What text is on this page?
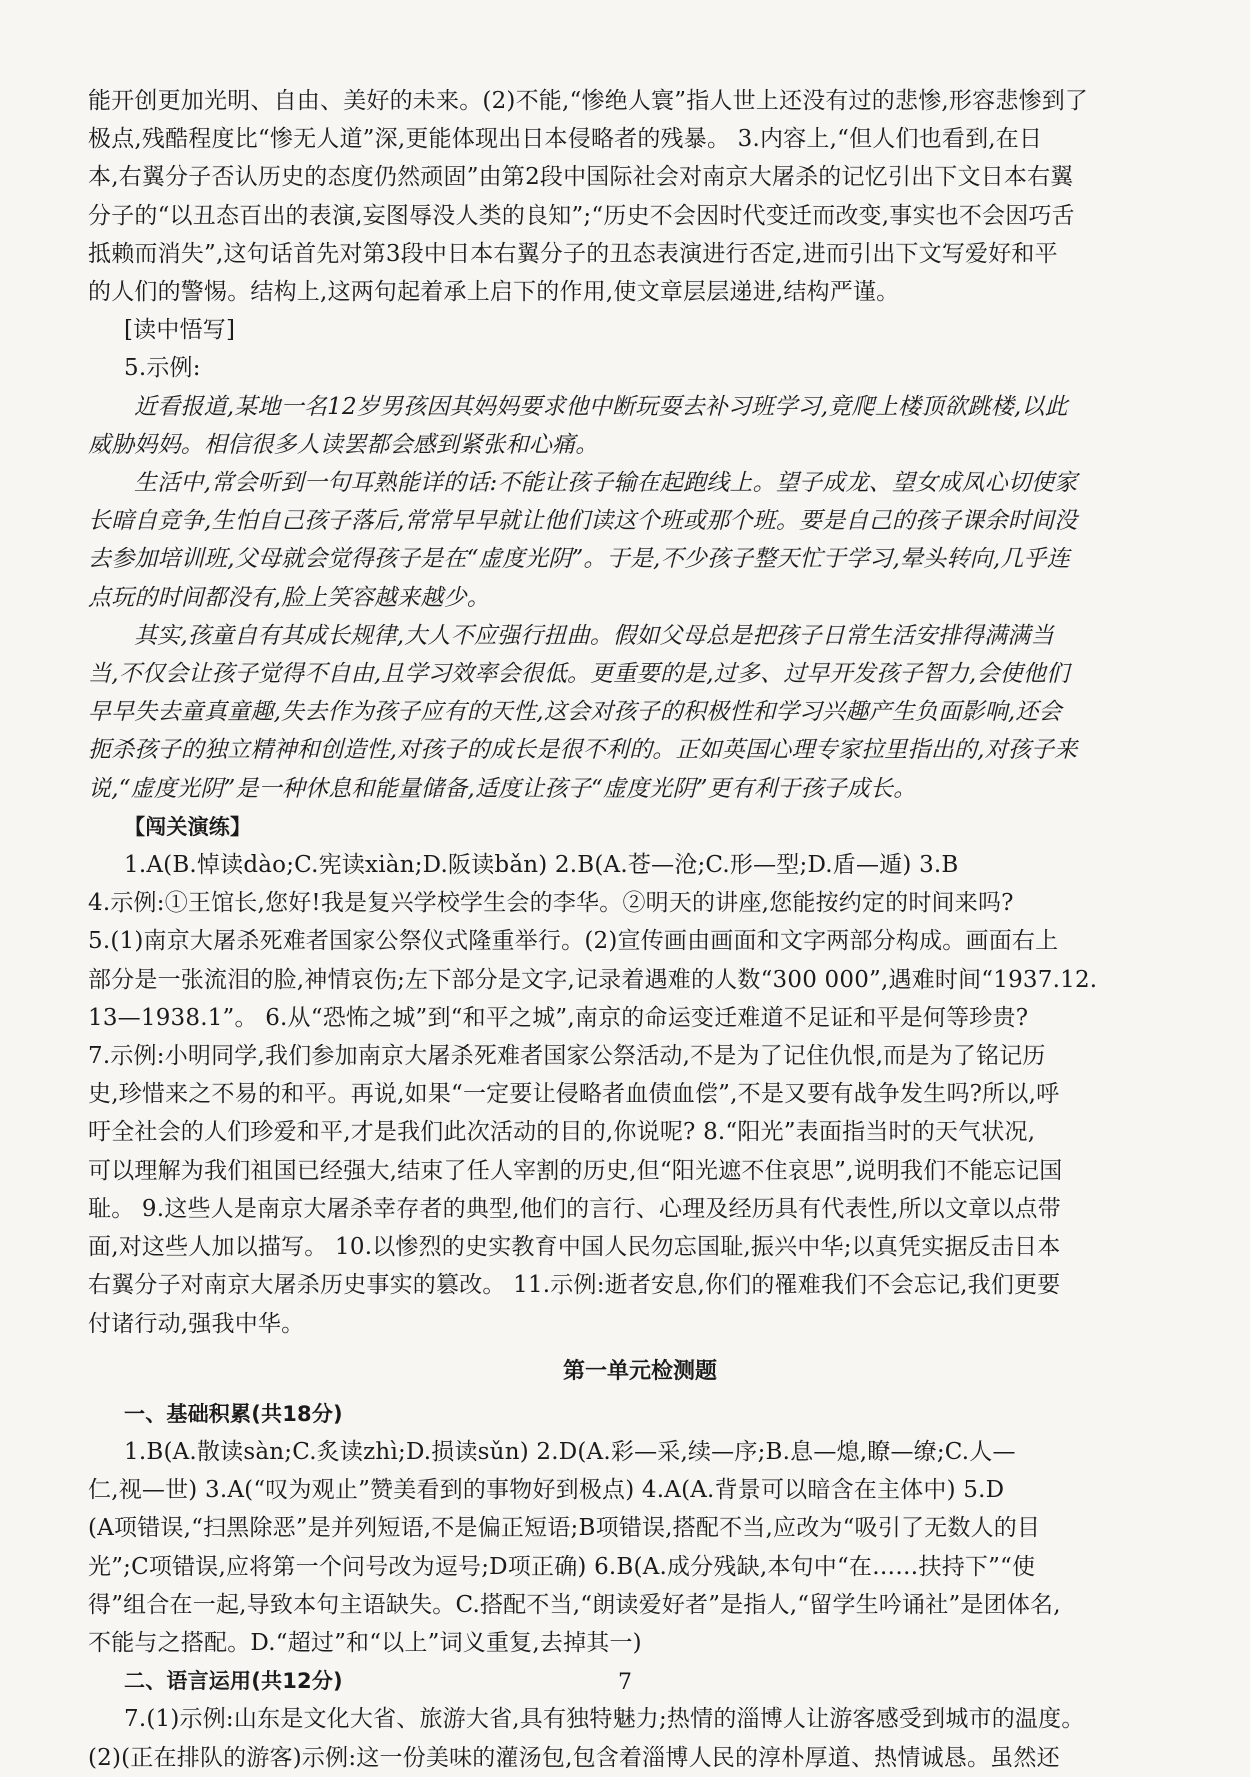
能开创更加光明、自由、美好的未来。(2)不能,“惨绝人寰”指人世上还没有过的悲惨,形容悲惨到了
极点,残酷程度比“惨无人道”深,更能体现出日本侵略者的残暴。 3.内容上,“但人们也看到,在日
本,右翼分子否认历史的态度仍然顽固”由第2段中国际社会对南京大屠杀的记忆引出下文日本右翼
分子的“以丑态百出的表演,妄图辱没人类的良知”;“历史不会因时代变迁而改变,事实也不会因巧舌
抵赖而消失”,这句话首先对第3段中日本右翼分子的丑态表演进行否定,进而引出下文写爱好和平
的人们的警惕。结构上,这两句起着承上启下的作用,使文章层层递进,结构严谨。
[读中悟写]
5.示例:
近看报道,某地一名12岁男孩因其妈妈要求他中断玩耍去补习班学习,竟爬上楼顶欲跳楼,以此
威胁妈妈。相信很多人读罢都会感到紧张和心痛。
生活中,常会听到一句耳熟能详的话:不能让孩子输在起跑线上。望子成龙、望女成凤心切使家
长暗自竞争,生怕自己孩子落后,常常早早就让他们读这个班或那个班。要是自己的孩子课余时间没
去参加培训班,父母就会觉得孩子是在“虚度光阴”。于是,不少孩子整天忙于学习,晕头转向,几乎连
点玩的时间都没有,脸上笑容越来越少。
其实,孩童自有其成长规律,大人不应强行扭曲。假如父母总是把孩子日常生活安排得满满当
当,不仅会让孩子觉得不自由,且学习效率会很低。更重要的是,过多、过早开发孩子智力,会使他们
早早失去童真童趣,失去作为孩子应有的天性,这会对孩子的积极性和学习兴趣产生负面影响,还会
扼杀孩子的独立精神和创造性,对孩子的成长是很不利的。正如英国心理专家拉里指出的,对孩子来
说,“虚度光阴”是一种休息和能量储备,适度让孩子“虚度光阴”更有利于孩子成长。
【闯关演练】
1.A(B.悼读dào;C.宪读xiàn;D.阪读bǎn) 2.B(A.苍—沧;C.形—型;D.盾—遁) 3.B
4.示例:①王馆长,您好!我是复兴学校学生会的李华。②明天的讲座,您能按约定的时间来吗?
5.(1)南京大屠杀死难者国家公祭仪式隆重举行。(2)宣传画由画面和文字两部分构成。画面右上
部分是一张流泪的脸,神情哀伤;左下部分是文字,记录着遇难的人数“300 000”,遇难时间“1937.12.
13—1938.1”。 6.从“恐怖之城”到“和平之城”,南京的命运变迁难道不足证和平是何等珍贵?
7.示例:小明同学,我们参加南京大屠杀死难者国家公祭活动,不是为了记住仇恨,而是为了铭记历
史,珍惜来之不易的和平。再说,如果“一定要让侵略者血债血偿”,不是又要有战争发生吗?所以,呼
吁全社会的人们珍爱和平,才是我们此次活动的目的,你说呢? 8.“阳光”表面指当时的天气状况,
可以理解为我们祖国已经强大,结束了任人宰割的历史,但“阳光遮不住哀思”,说明我们不能忘记国
耻。 9.这些人是南京大屠杀幸存者的典型,他们的言行、心理及经历具有代表性,所以文章以点带
面,对这些人加以描写。 10.以惨烈的史实教育中国人民勿忘国耻,振兴中华;以真凭实据反击日本
右翼分子对南京大屠杀历史事实的篡改。 11.示例:逝者安息,你们的罹难我们不会忘记,我们更要
付诸行动,强我中华。
第一单元检测题
一、基础积累(共18分)
1.B(A.散读sàn;C.炙读zhì;D.损读sǔn) 2.D(A.彩—采,续—序;B.息—熄,瞭—缭;C.人—
仁,视—世) 3.A(“叹为观止”赞美看到的事物好到极点) 4.A(A.背景可以暗含在主体中) 5.D
(A项错误,“扫黑除恶”是并列短语,不是偏正短语;B项错误,搭配不当,应改为“吸引了无数人的目
光”;C项错误,应将第一个问号改为逗号;D项正确) 6.B(A.成分残缺,本句中“在……扶持下”“使
得”组合在一起,导致本句主语缺失。C.搭配不当,“朗读爱好者”是指人,“留学生吟诵社”是团体名,
不能与之搭配。D.“超过”和“以上”词义重复,去掉其一)
二、语言运用(共12分)
7.(1)示例:山东是文化大省、旅游大省,具有独特魅力;热情的淄博人让游客感受到城市的温度。
(2)(正在排队的游客)示例:这一份美味的灌汤包,包含着淄博人民的淳朴厚道、热情诚恳。虽然还
7
